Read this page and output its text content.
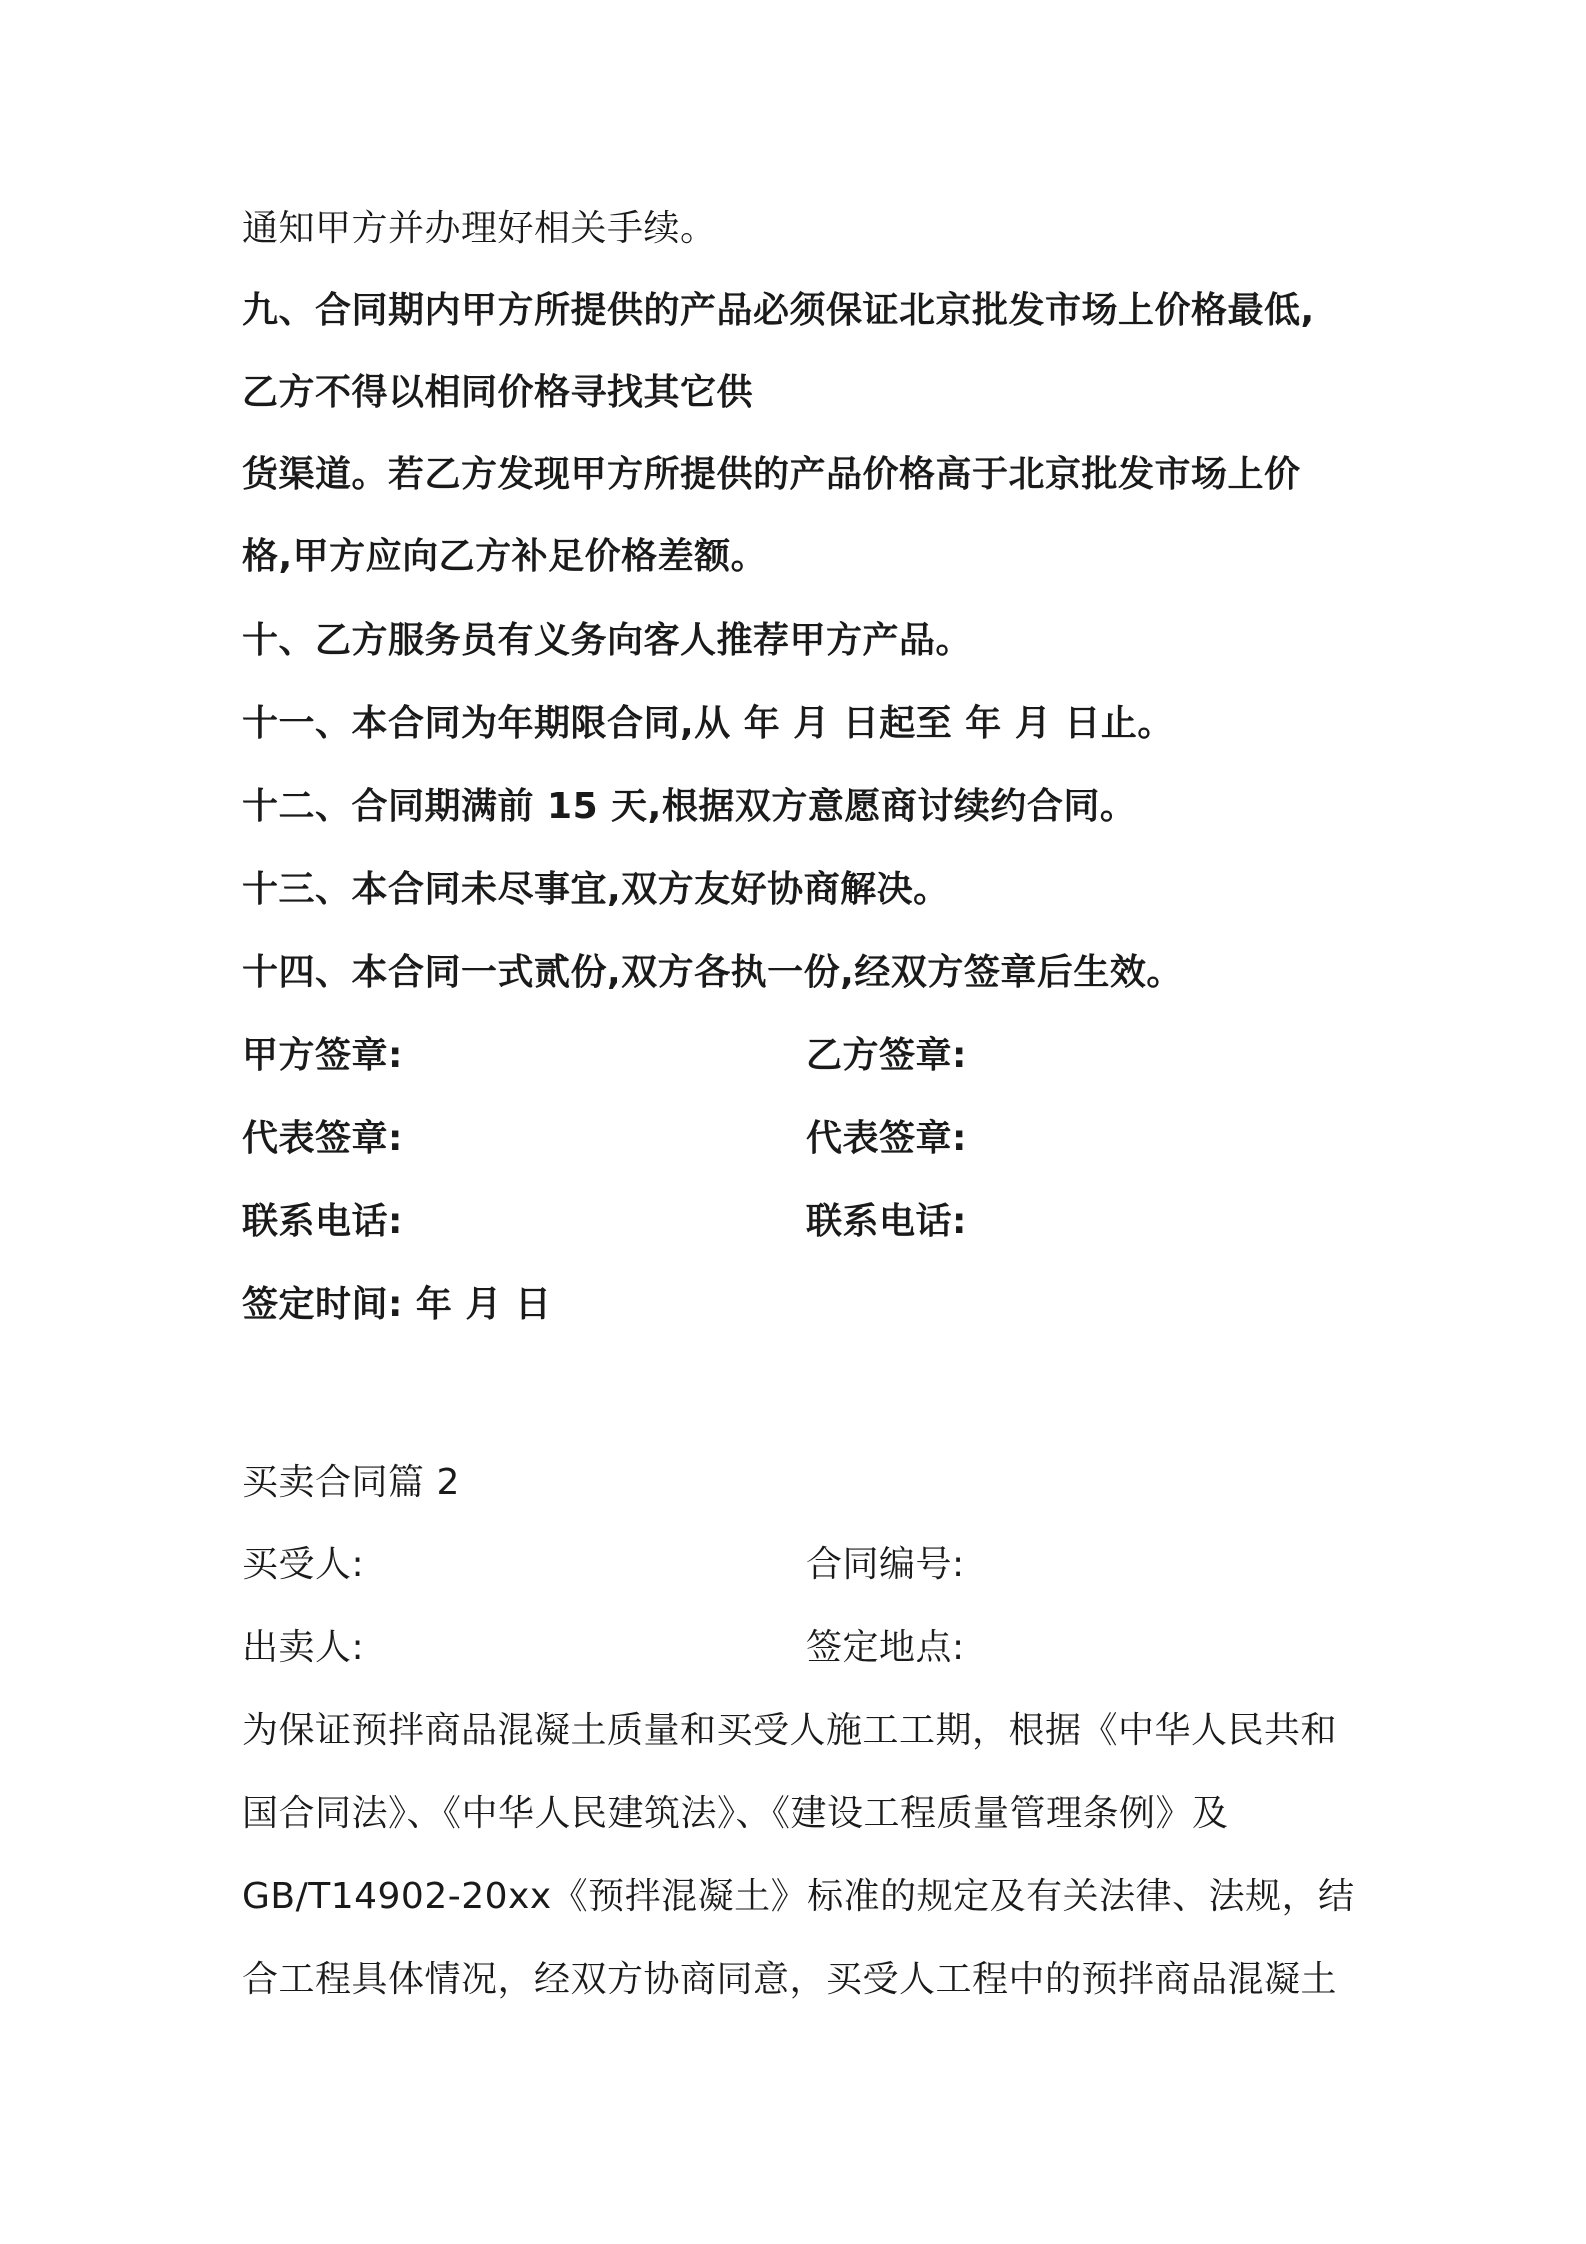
通知甲方并办理好相关手续。
九、合同期内甲方所提供的产品必须保证北京批发市场上价格最低,
乙方不得以相同价格寻找其它供
货渠道。若乙方发现甲方所提供的产品价格高于北京批发市场上价
格,甲方应向乙方补足价格差额。
十、乙方服务员有义务向客人推荐甲方产品。
十一、本合同为年期限合同,从 年 月 日起至 年 月 日止。
十二、合同期满前 15 天,根据双方意愿商讨续约合同。
十三、本合同未尽事宜,双方友好协商解决。
十四、本合同一式贰份,双方各执一份,经双方签章后生效。
甲方签章:	乙方签章:
代表签章:	代表签章:
联系电话:	联系电话:
签定时间: 年 月 日
买卖合同篇 2
买受人:	合同编号:
出卖人:	签定地点:
为保证预拌商品混凝土质量和买受人施工工期，根据《中华人民共和
国合同法》、《中华人民建筑法》、《建设工程质量管理条例》及
GB/T14902-20xx《预拌混凝土》标准的规定及有关法律、法规，结
合工程具体情况，经双方协商同意，买受人工程中的预拌商品混凝土
